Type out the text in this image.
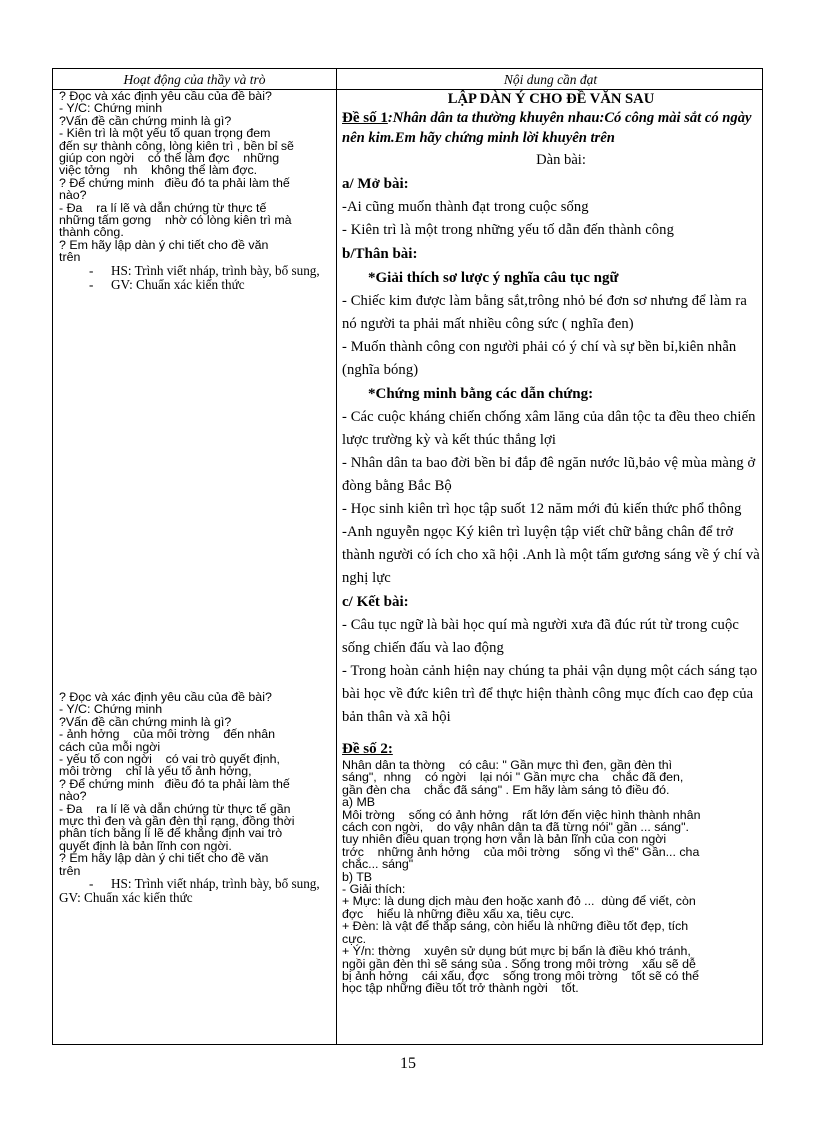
Hoạt động của thầy và trò	Nội dung cần đạt
? Đọc và xác định yêu cầu của đề bài?
- Y/C: Chứng minh
?Vấn đề cần chứng minh là gì?
- Kiên trì là một yếu tố quan trọng đem
đến sự thành công, lòng kiên trì , bền bỉ sẽ
giúp con ngời    có thể làm đợc    những
việc tởng    nh    không thể làm đợc.
? Để chứng minh   điều đó ta phải làm thế
nào?
- Đa    ra lí lẽ và dẫn chứng từ thực tế
những tấm gơng    nhờ có lòng kiên trì mà
thành công.
? Em hãy lập dàn ý chi tiết cho đề văn
trên
-	HS: Trình viết nháp, trình bày, bổ sung,
-	GV: Chuẩn xác kiến thức
? Đọc và xác định yêu cầu của đề bài?
- Y/C: Chứng minh
?Vấn đề cần chứng minh là gì?
- ảnh hởng    của môi trờng    đến nhân
cách của mỗi ngời
- yếu tố con ngời    có vai trò quyết định,
môi trờng    chỉ là yếu tố ảnh hởng,
? Để chứng minh   điều đó ta phải làm thế
nào?
- Đa    ra lí lẽ và dẫn chứng từ thực tế gần
mực thì đen và gần đèn thì rạng, đồng thời
phân tích bằng lí lẽ để khẳng định vai trò
quyết định là bản lĩnh con ngời.
? Em hãy lập dàn ý chi tiết cho đề văn
trên
-	HS: Trình viết nháp, trình bày, bổ sung,
GV: Chuẩn xác kiến thức
LẬP DÀN Ý CHO ĐỀ VĂN SAU
Đề số 1:Nhân dân ta thường khuyên nhau:Có công mài sắt có ngày nên kim.Em hãy chứng minh lời khuyên trên
Dàn bài:
a/ Mở bài:
-Ai cũng muốn thành đạt trong cuộc sống
- Kiên trì là một trong những yếu tố dẫn đến thành công
b/Thân bài:
*Giải thích sơ lược ý nghĩa câu tục ngữ
- Chiếc kim được làm bằng sắt,trông nhỏ bé đơn sơ nhưng để làm ra nó người ta phải mất nhiều công sức ( nghĩa đen)
- Muốn thành công con người phải có ý chí và sự bền bỉ,kiên nhẫn (nghĩa bóng)
*Chứng minh bằng các dẫn chứng:
- Các cuộc kháng chiến chống xâm lăng của dân tộc ta đều theo chiến lược trường kỳ và kết thúc thắng lợi
- Nhân dân ta bao đời bền bỉ đắp đê ngăn nước lũ,bảo vệ mùa màng ở đòng bằng Bắc Bộ
- Học sinh kiên trì học tập suốt 12 năm mới đủ kiến thức phổ thông
-Anh nguyễn ngọc Ký kiên trì luyện tập viết chữ bằng chân để trở thành người có ích cho xã hội .Anh là một tấm gương sáng về ý chí và nghị lực
c/ Kết bài:
- Câu tục ngữ là bài học quí mà người xưa đã đúc rút từ trong cuộc sống chiến đấu và lao động
- Trong hoàn cảnh hiện nay chúng ta phải vận dụng một cách sáng tạo bài học về đức kiên trì để thực hiện thành công mục đích cao đẹp của bản thân và xã hội
Đề số 2:
Nhân dân ta thờng    có câu: " Gần mực thì đen, gần đèn thì
sáng",  nhng    có ngời    lại nói " Gần mực cha    chắc đã đen,
gần đèn cha    chắc đã sáng" . Em hãy làm sáng tỏ điều đó.
a) MB
Môi trờng    sống có ảnh hởng    rất lớn đến việc hình thành nhân
cách con ngời,    do vậy nhân dân ta đã từng nói" gần ... sáng".
tuy nhiên điều quan trọng hơn vẫn là bản lĩnh của con ngời
trớc    những ảnh hởng    của môi trờng    sống vì thế" Gần... cha
chắc... sáng"
b) TB
- Giải thích:
+ Mực: là dung dịch màu đen hoặc xanh đỏ ...  dùng để viết, còn
đợc    hiểu là những điều xấu xa, tiêu cực.
+ Đèn: là vật để thắp sáng, còn hiểu là những điều tốt đẹp, tích
cực.
+ Ý/n: thờng    xuyên sử dụng bút mực bị bẩn là điều khó tránh,
ngồi gần đèn thì sẽ sáng sủa . Sống trong môi trờng    xấu sẽ dễ
bị ảnh hởng    cái xấu, đợc    sống trong môi trờng    tốt sẽ có thể
học tập những điều tốt trở thành ngời    tốt.
15
